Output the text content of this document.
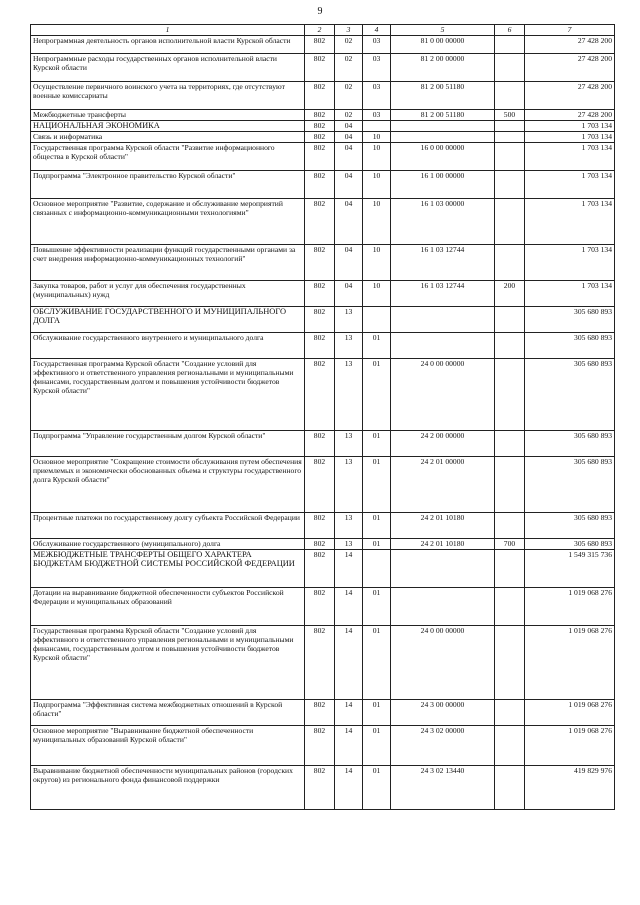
9
1	2	3	4	5	6	7
Непрограммная деятельность органов исполнительной власти Курской области	802	02	03	81 0 00 00000		27 428 200
Непрограммные расходы государственных органов исполнительной власти Курской области	802	02	03	81 2 00 00000		27 428 200
Осуществление первичного воинского учета на территориях, где отсутствуют военные комиссариаты	802	02	03	81 2 00 51180		27 428 200
Межбюджетные трансферты	802	02	03	81 2 00 51180	500	27 428 200
НАЦИОНАЛЬНАЯ ЭКОНОМИКА	802	04				1 703 134
Связь и информатика	802	04	10			1 703 134
Государственная программа Курской области "Развитие информационного общества в Курской области"	802	04	10	16 0 00 00000		1 703 134
Подпрограмма "Электронное правительство Курской области"	802	04	10	16 1 00 00000		1 703 134
Основное мероприятие "Развитие, содержание и обслуживание мероприятий связанных с информационно-коммуникационными технологиями"	802	04	10	16 1 03 00000		1 703 134
Повышение эффективности реализации функций государственными органами за счет внедрения информационно-коммуникационных технологий"	802	04	10	16 1 03 12744		1 703 134
Закупка товаров, работ и услуг для обеспечения государственных (муниципальных) нужд	802	04	10	16 1 03 12744	200	1 703 134
ОБСЛУЖИВАНИЕ ГОСУДАРСТВЕННОГО И МУНИЦИПАЛЬНОГО ДОЛГА	802	13				305 680 893
Обслуживание государственного внутреннего и муниципального долга	802	13	01			305 680 893
Государственная программа Курской области "Создание условий для эффективного и ответственного управления региональными и муниципальными финансами, государственным долгом и повышения устойчивости бюджетов Курской области"	802	13	01	24 0 00 00000		305 680 893
Подпрограмма "Управление государственным долгом Курской области"	802	13	01	24 2 00 00000		305 680 893
Основное мероприятие "Сокращение стоимости обслуживания путем обеспечения приемлемых и экономически обоснованных объема и структуры государственного долга Курской области"	802	13	01	24 2 01 00000		305 680 893
Процентные платежи по государственному долгу субъекта Российской Федерации	802	13	01	24 2 01 10180		305 680 893
Обслуживание государственного (муниципального) долга	802	13	01	24 2 01 10180	700	305 680 893
МЕЖБЮДЖЕТНЫЕ ТРАНСФЕРТЫ ОБЩЕГО ХАРАКТЕРА БЮДЖЕТАМ БЮДЖЕТНОЙ СИСТЕМЫ РОССИЙСКОЙ ФЕДЕРАЦИИ	802	14				1 549 315 736
Дотации на выравнивание бюджетной обеспеченности субъектов Российской Федерации и муниципальных образований	802	14	01			1 019 068 276
Государственная программа Курской области "Создание условий для эффективного и ответственного управления региональными и муниципальными финансами, государственным долгом и повышения устойчивости бюджетов Курской области"	802	14	01	24 0 00 00000		1 019 068 276
Подпрограмма "Эффективная система межбюджетных отношений в Курской области"	802	14	01	24 3 00 00000		1 019 068 276
Основное мероприятие "Выравнивание бюджетной обеспеченности муниципальных образований Курской области"	802	14	01	24 3 02 00000		1 019 068 276
Выравнивание бюджетной обеспеченности муниципальных районов (городских округов) из регионального фонда финансовой поддержки	802	14	01	24 3 02 13440		419 829 976
